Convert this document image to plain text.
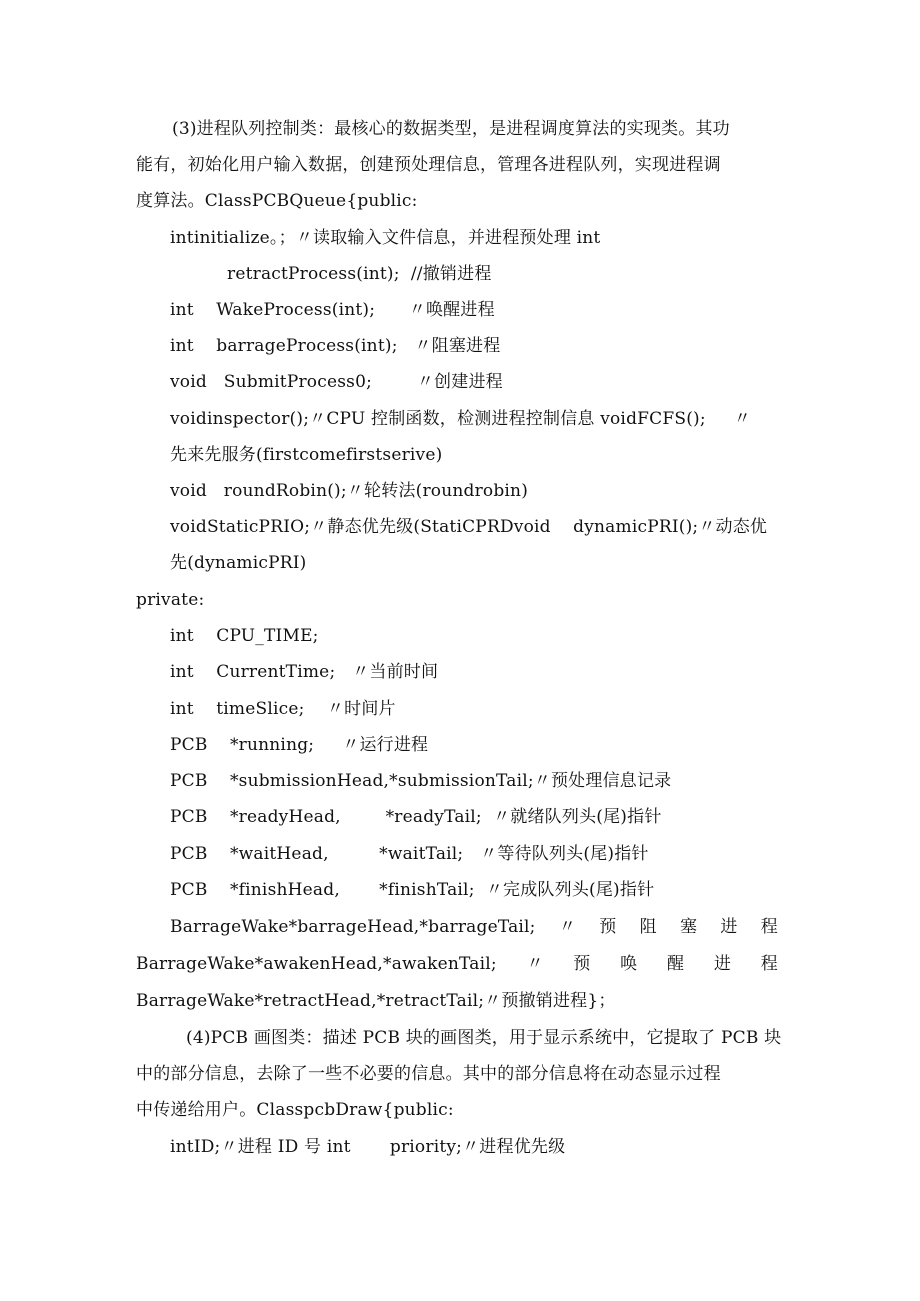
(3)进程队列控制类：最核心的数据类型，是进程调度算法的实现类。其功
能有，初始化用户输入数据，创建预处理信息，管理各进程队列，实现进程调
度算法。ClassPCBQueue{public:
intinitialize。；〃读取输入文件信息，并进程预处理 int
retractProcess(int);  //撤销进程
int    WakeProcess(int);      〃唤醒进程
int    barrageProcess(int);   〃阻塞进程
void   SubmitProcess0;        〃创建进程
voidinspector();〃CPU 控制函数，检测进程控制信息 voidFCFS();     〃
先来先服务(firstcomefirstserive)
void   roundRobin();〃轮转法(roundrobin)
voidStaticPRIO;〃静态优先级(StatiCPRDvoid    dynamicPRI();〃动态优
先(dynamicPRI)
private:
int    CPU_TIME;
int    CurrentTime;   〃当前时间
int    timeSlice;    〃时间片
PCB    *running;     〃运行进程
PCB    *submissionHead,*submissionTail;〃预处理信息记录
PCB    *readyHead,        *readyTail;  〃就绪队列头(尾)指针
PCB    *waitHead,         *waitTail;   〃等待队列头(尾)指针
PCB    *finishHead,       *finishTail;  〃完成队列头(尾)指针
BarrageWake*barrageHead,*barrageTail; 〃 预 阻 塞 进 程
BarrageWake*awakenHead,*awakenTail; 〃 预 唤 醒 进 程
BarrageWake*retractHead,*retractTail;〃预撤销进程}；
(4)PCB 画图类：描述 PCB 块的画图类，用于显示系统中，它提取了 PCB 块
中的部分信息，去除了一些不必要的信息。其中的部分信息将在动态显示过程
中传递给用户。ClasspcbDraw{public:
intID;〃进程 ID 号 int       priority;〃进程优先级
